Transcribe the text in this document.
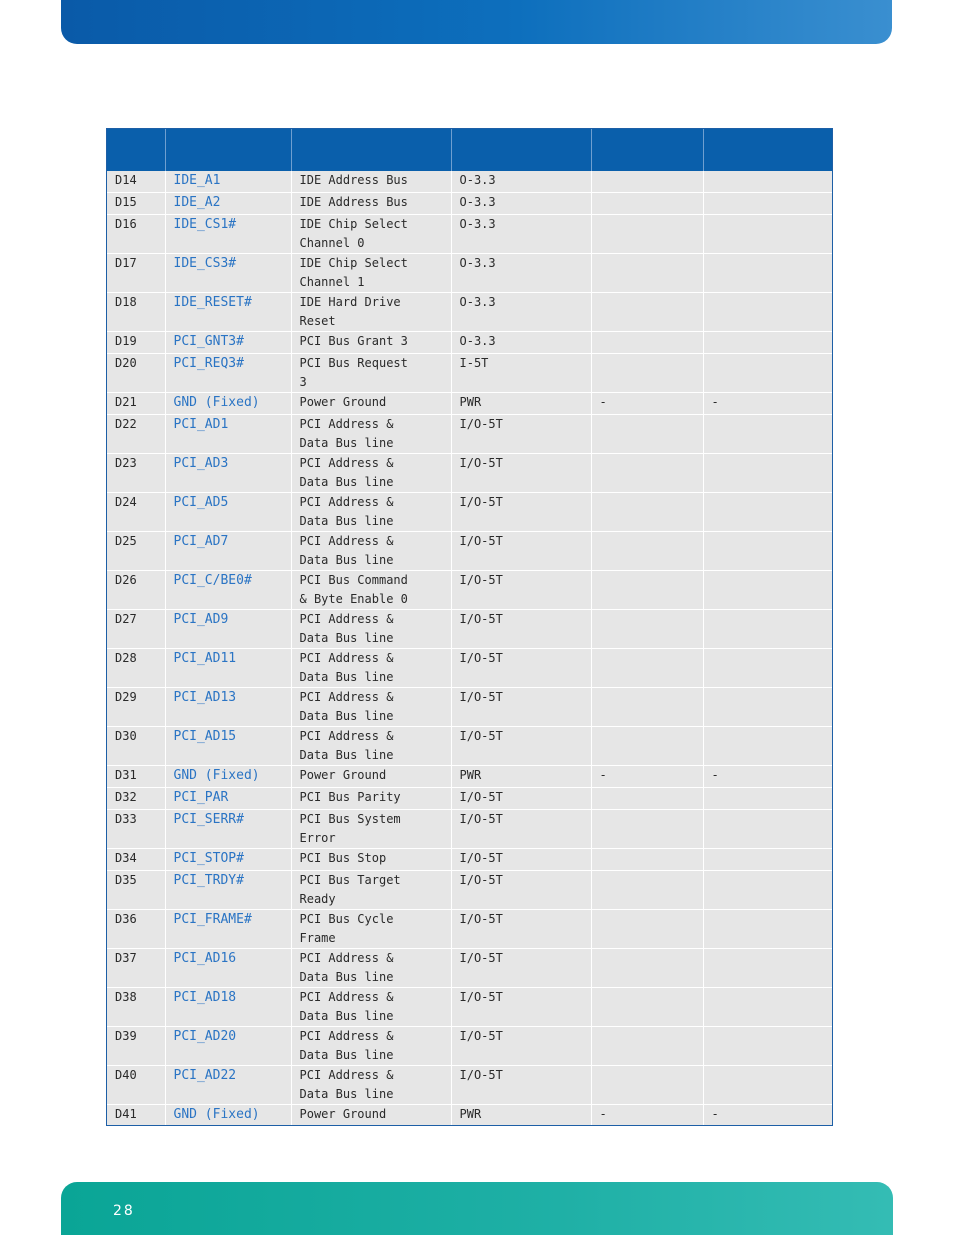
D14	IDE_A1	IDE Address Bus	O-3.3		
D15	IDE_A2	IDE Address Bus	O-3.3		
D16	IDE_CS1#	IDE Chip Select
Channel 0	O-3.3		
D17	IDE_CS3#	IDE Chip Select
Channel 1	O-3.3		
D18	IDE_RESET#	IDE Hard Drive
Reset	O-3.3		
D19	PCI_GNT3#	PCI Bus Grant 3	O-3.3		
D20	PCI_REQ3#	PCI Bus Request
3	I-5T		
D21	GND (Fixed)	Power Ground	PWR	-	-
D22	PCI_AD1	PCI Address &
Data Bus line	I/O-5T		
D23	PCI_AD3	PCI Address &
Data Bus line	I/O-5T		
D24	PCI_AD5	PCI Address &
Data Bus line	I/O-5T		
D25	PCI_AD7	PCI Address &
Data Bus line	I/O-5T		
D26	PCI_C/BE0#	PCI Bus Command
& Byte Enable 0	I/O-5T		
D27	PCI_AD9	PCI Address &
Data Bus line	I/O-5T		
D28	PCI_AD11	PCI Address &
Data Bus line	I/O-5T		
D29	PCI_AD13	PCI Address &
Data Bus line	I/O-5T		
D30	PCI_AD15	PCI Address &
Data Bus line	I/O-5T		
D31	GND (Fixed)	Power Ground	PWR	-	-
D32	PCI_PAR	PCI Bus Parity	I/O-5T		
D33	PCI_SERR#	PCI Bus System
Error	I/O-5T		
D34	PCI_STOP#	PCI Bus Stop	I/O-5T		
D35	PCI_TRDY#	PCI Bus Target
Ready	I/O-5T		
D36	PCI_FRAME#	PCI Bus Cycle
Frame	I/O-5T		
D37	PCI_AD16	PCI Address &
Data Bus line	I/O-5T		
D38	PCI_AD18	PCI Address &
Data Bus line	I/O-5T		
D39	PCI_AD20	PCI Address &
Data Bus line	I/O-5T		
D40	PCI_AD22	PCI Address &
Data Bus line	I/O-5T		
D41	GND (Fixed)	Power Ground	PWR	-	-
28
